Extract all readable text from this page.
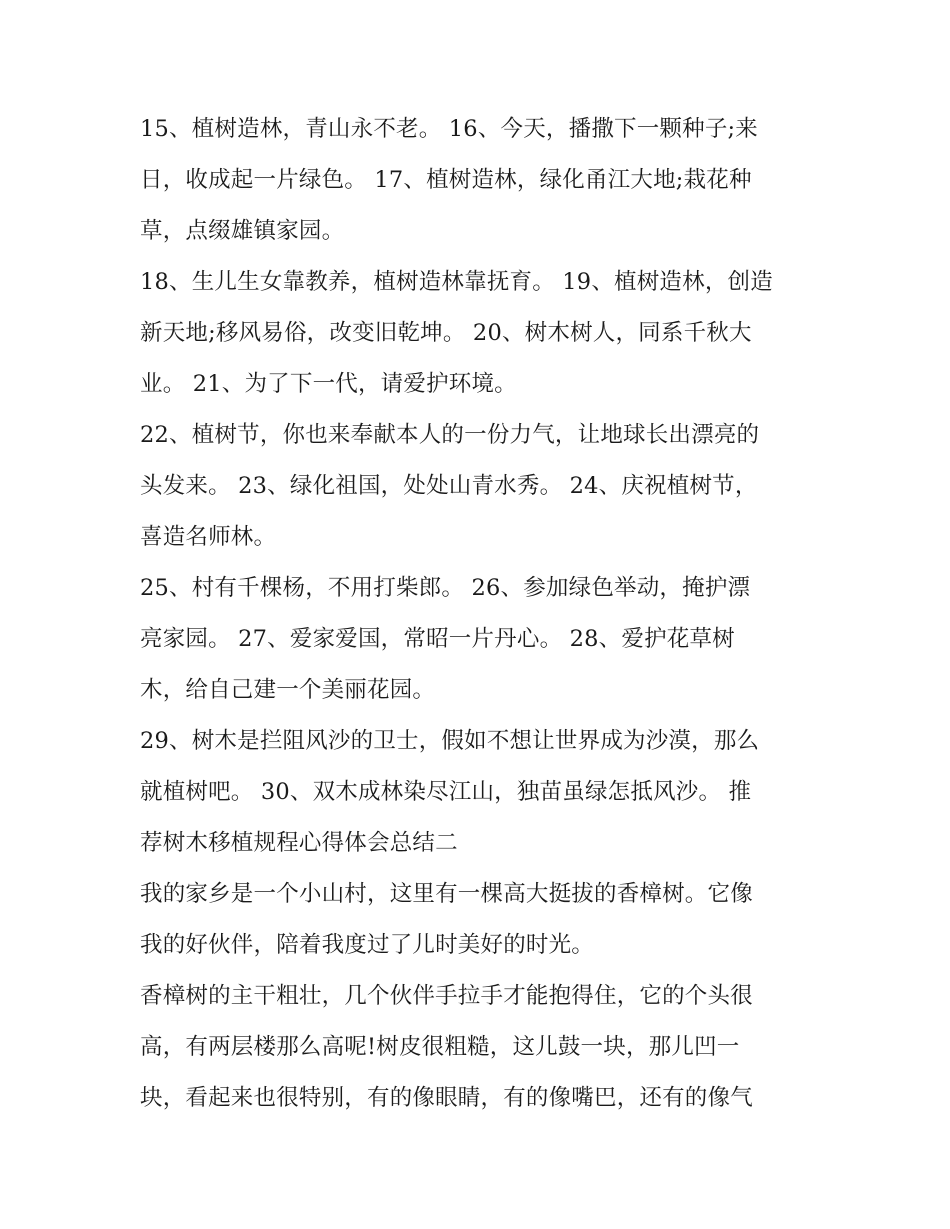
15、植树造林，青山永不老。 16、今天，播撒下一颗种子;来
日，收成起一片绿色。 17、植树造林，绿化甬江大地;栽花种
草，点缀雄镇家园。
18、生儿生女靠教养，植树造林靠抚育。 19、植树造林，创造
新天地;移风易俗，改变旧乾坤。 20、树木树人，同系千秋大
业。 21、为了下一代，请爱护环境。
22、植树节，你也来奉献本人的一份力气，让地球长出漂亮的
头发来。 23、绿化祖国，处处山青水秀。 24、庆祝植树节，
喜造名师林。
25、村有千棵杨，不用打柴郎。 26、参加绿色举动，掩护漂
亮家园。 27、爱家爱国，常昭一片丹心。 28、爱护花草树
木，给自己建一个美丽花园。
29、树木是拦阻风沙的卫士，假如不想让世界成为沙漠，那么
就植树吧。 30、双木成林染尽江山，独苗虽绿怎抵风沙。 推
荐树木移植规程心得体会总结二
我的家乡是一个小山村，这里有一棵高大挺拔的香樟树。它像
我的好伙伴，陪着我度过了儿时美好的时光。
香樟树的主干粗壮，几个伙伴手拉手才能抱得住，它的个头很
高，有两层楼那么高呢!树皮很粗糙，这儿鼓一块，那儿凹一
块，看起来也很特别，有的像眼睛，有的像嘴巴，还有的像气
